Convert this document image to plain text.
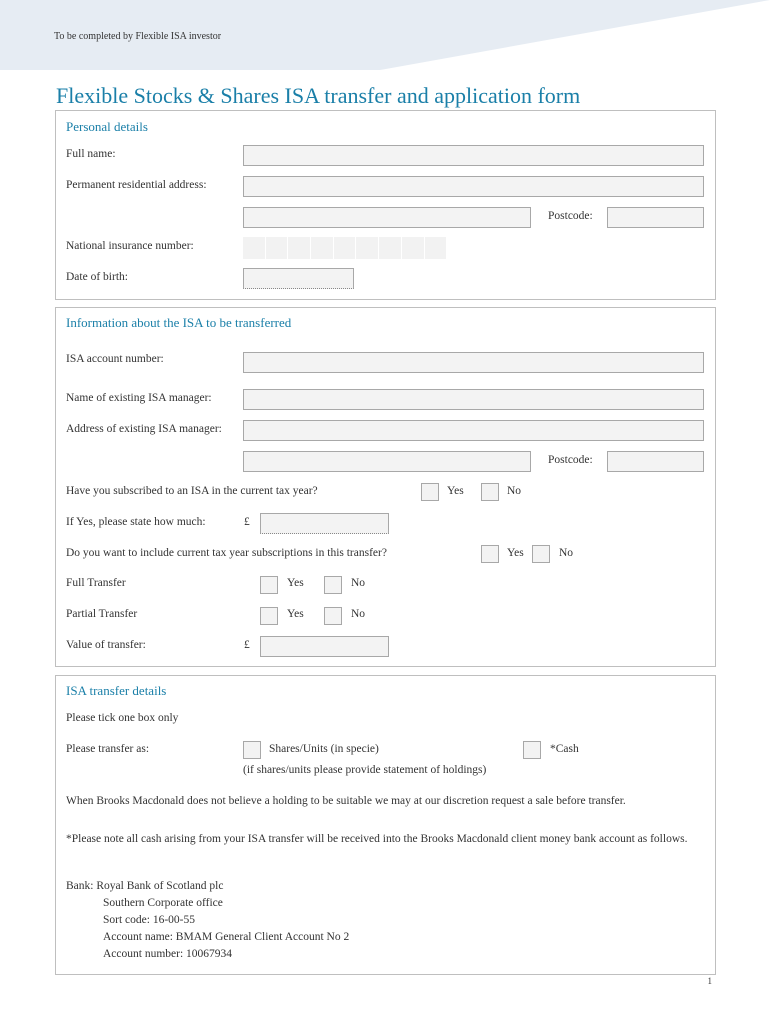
To be completed by Flexible ISA investor
Flexible Stocks & Shares ISA transfer and application form
Personal details
Full name:
Permanent residential address:
Postcode:
National insurance number:
Date of birth:
Information about the ISA to be transferred
ISA account number:
Name of existing ISA manager:
Address of existing ISA manager:
Postcode:
Have you subscribed to an ISA in the current tax year?	Yes	No
If Yes, please state how much:	£
Do you want to include current tax year subscriptions in this transfer?	Yes	No
Full Transfer	Yes	No
Partial Transfer	Yes	No
Value of transfer:	£
ISA transfer details
Please tick one box only
Please transfer as:	Shares/Units (in specie)	*Cash
(if shares/units please provide statement of holdings)
When Brooks Macdonald does not believe a holding to be suitable we may at our discretion request a sale before transfer.
*Please note all cash arising from your ISA transfer will be received into the Brooks Macdonald client money bank account as follows.
Bank: Royal Bank of Scotland plc
Southern Corporate office
Sort code: 16-00-55
Account name: BMAM General Client Account No 2
Account number: 10067934
1
